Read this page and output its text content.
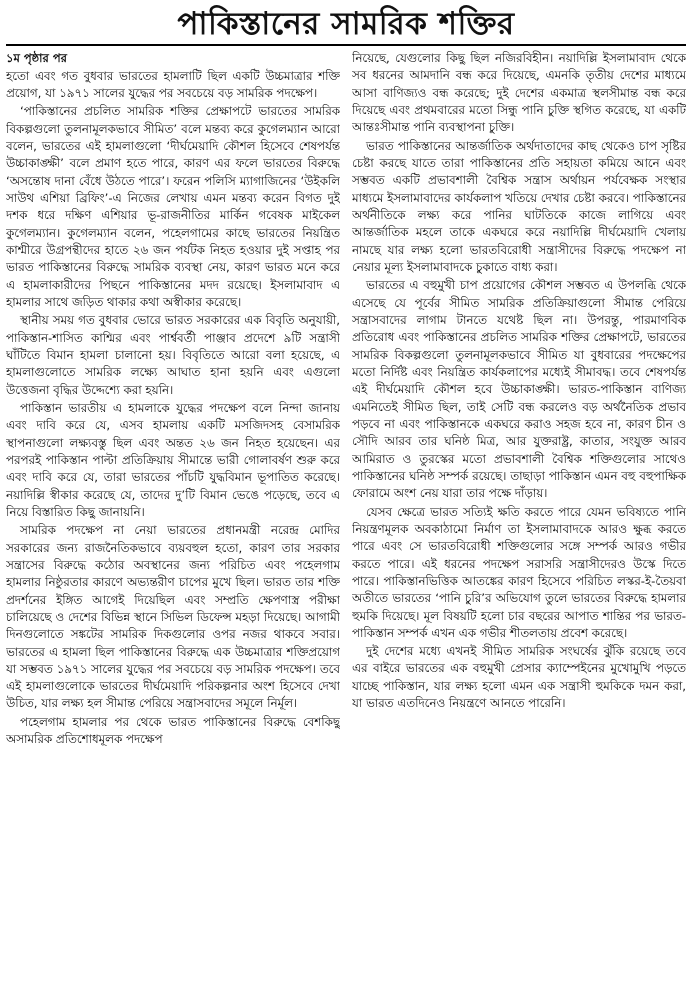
পাকিস্তানের সামরিক শক্তির
১ম পৃষ্ঠার পর

হতো এবং গত বুধবার ভারতের হামলাটি ছিল একটি উচ্চমাত্রার শক্তি প্রয়োগ, যা ১৯৭১ সালের যুদ্ধের পর সবচেয়ে বড় সামরিক পদক্ষেপ।

‘পাকিস্তানের প্রচলিত সামরিক শক্তির প্রেক্ষাপটে ভারতের সামরিক বিকল্পগুলো তুলনামূলকভাবে সীমিত’ বলে মন্তব্য করে কুগেলম্যান আরো বলেন, ভারতের এই হামলাগুলো ‘দীর্ঘমেয়াদি কৌশল হিসেবে শেষপর্যন্ত উচ্চাকাঙ্ক্ষী’ বলে প্রমাণ হতে পারে, কারণ এর ফলে ভারতের বিরুদ্ধে ‘অসন্তোষ দানা বেঁধে উঠতে পারে’। ফরেন পলিসি ম্যাগাজিনের ‘উইকলি সাউথ এশিয়া ব্রিফিং’-এ নিজের লেখায় এমন মন্তব্য করেন বিগত দুই দশক ধরে দক্ষিণ এশিয়ার ভূ-রাজনীতির মার্কিন গবেষক মাইকেল কুগেলম্যান। কুগেলম্যান বলেন, পহেলগামের কাছে ভারতের নিয়ন্ত্রিত কাশ্মীরে উগ্রপন্থীদের হাতে ২৬ জন পর্যটক নিহত হওয়ার দুই সপ্তাহ পর ভারত পাকিস্তানের বিরুদ্ধে সামরিক ব্যবস্থা নেয়, কারণ ভারত মনে করে এ হামলাকারীদের পিছনে পাকিস্তানের মদদ রয়েছে। ইসলামাবাদ এ হামলার সাথে জড়িত থাকার কথা অস্বীকার করেছে।

স্থানীয় সময় গত বুধবার ভোরে ভারত সরকারের এক বিবৃতি অনুযায়ী, পাকিস্তান-শাসিত কাশ্মির এবং পার্শ্ববর্তী পাঞ্জাব প্রদেশে ৯টি সন্ত্রাসী ঘাঁটিতে বিমান হামলা চালানো হয়। বিবৃতিতে আরো বলা হয়েছে, এ হামলাগুলোতে সামরিক লক্ষ্যে আঘাত হানা হয়নি এবং এগুলো উত্তেজনা বৃদ্ধির উদ্দেশ্যে করা হয়নি।

পাকিস্তান ভারতীয় এ হামলাকে যুদ্ধের পদক্ষেপ বলে নিন্দা জানায় এবং দাবি করে যে, এসব হামলায় একটি মসজিদসহ বেসামরিক স্থাপনাগুলো লক্ষ্যবস্তু ছিল এবং অন্তত ২৬ জন নিহত হয়েছেন। এর পরপরই পাকিস্তান পাল্টা প্রতিক্রিয়ায় সীমান্তে ভারী গোলাবর্ষণ শুরু করে এবং দাবি করে যে, তারা ভারতের পাঁচটি যুদ্ধবিমান ভূপাতিত করেছে। নয়াদিল্লি স্বীকার করেছে যে, তাদের দু’টি বিমান ভেঙে পড়েছে, তবে এ নিয়ে বিস্তারিত কিছু জানায়নি।

সামরিক পদক্ষেপ না নেয়া ভারতের প্রধানমন্ত্রী নরেন্দ্র মোদির সরকারের জন্য রাজনৈতিকভাবে ব্যয়বহুল হতো, কারণ তার সরকার সন্ত্রাসের বিরুদ্ধে কঠোর অবস্থানের জন্য পরিচিত এবং পহেলগাম হামলার নিষ্ঠুরতার কারণে অভ্যন্তরীণ চাপের মুখে ছিল। ভারত তার শক্তি প্রদর্শনের ইঙ্গিত আগেই দিয়েছিল এবং সম্প্রতি ক্ষেপণাস্ত্র পরীক্ষা চালিয়েছে ও দেশের বিভিন্ন স্থানে সিভিল ডিফেন্স মহড়া দিয়েছে। আগামী দিনগুলোতে সঙ্কটের সামরিক দিকগুলোর ওপর নজর থাকবে সবার। ভারতের এ হামলা ছিল পাকিস্তানের বিরুদ্ধে এক উচ্চমাত্রার শক্তিপ্রয়োগ যা সম্ভবত ১৯৭১ সালের যুদ্ধের পর সবচেয়ে বড় সামরিক পদক্ষেপ। তবে এই হামলাগুলোকে ভারতের দীর্ঘমেয়াদি পরিকল্পনার অংশ হিসেবে দেখা উচিত, যার লক্ষ্য হল সীমান্ত পেরিয়ে সন্ত্রাসবাদের সমূলে নির্মূল।

পহেলগাম হামলার পর থেকে ভারত পাকিস্তানের বিরুদ্ধে বেশকিছু অসামরিক প্রতিশোধমূলক পদক্ষেপ

নিয়েছে, যেগুলোর কিছু ছিল নজিরবিহীন। নয়াদিল্লি ইসলামাবাদ থেকে সব ধরনের আমদানি বন্ধ করে দিয়েছে, এমনকি তৃতীয় দেশের মাধ্যমে আসা বাণিজ্যও বন্ধ করেছে; দুই দেশের একমাত্র স্থলসীমান্ত বন্ধ করে দিয়েছে এবং প্রথমবারের মতো সিন্ধু পানি চুক্তি স্থগিত করেছে, যা একটি আন্তঃসীমান্ত পানি ব্যবস্থাপনা চুক্তি।

ভারত পাকিস্তানের আন্তর্জাতিক অর্থদাতাদের কাছ থেকেও চাপ সৃষ্টির চেষ্টা করছে যাতে তারা পাকিস্তানের প্রতি সহায়তা কমিয়ে আনে এবং সম্ভবত একটি প্রভাবশালী বৈশ্বিক সন্ত্রাস অর্থায়ন পর্যবেক্ষক সংস্থার মাধ্যমে ইসলামাবাদের কার্যকলাপ খতিয়ে দেখার চেষ্টা করবে। পাকিস্তানের অর্থনীতিকে লক্ষ্য করে পানির ঘাটতিকে কাজে লাগিয়ে এবং আন্তর্জাতিক মহলে তাকে একঘরে করে নয়াদিল্লি দীর্ঘমেয়াদি খেলায় নামছে যার লক্ষ্য হলো ভারতবিরোধী সন্ত্রাসীদের বিরুদ্ধে পদক্ষেপ না নেয়ার মূল্য ইসলামাবাদকে চুকাতে বাধ্য করা।

ভারতের এ বহুমুখী চাপ প্রয়োগের কৌশল সম্ভবত এ উপলব্ধি থেকে এসেছে যে পূর্বের সীমিত সামরিক প্রতিক্রিয়াগুলো সীমান্ত পেরিয়ে সন্ত্রাসবাদের লাগাম টানতে যথেষ্ট ছিল না। উপরন্তু, পারমাণবিক প্রতিরোধ এবং পাকিস্তানের প্রচলিত সামরিক শক্তির প্রেক্ষাপটে, ভারতের সামরিক বিকল্পগুলো তুলনামূলকভাবে সীমিত যা বুধবারের পদক্ষেপের মতো নির্দিষ্ট এবং নিয়ন্ত্রিত কার্যকলাপের মধ্যেই সীমাবদ্ধ। তবে শেষপর্যন্ত এই দীর্ঘমেয়াদি কৌশল হবে উচ্চাকাঙ্ক্ষী। ভারত-পাকিস্তান বাণিজ্য এমনিতেই সীমিত ছিল, তাই সেটি বন্ধ করলেও বড় অর্থনৈতিক প্রভাব পড়বে না এবং পাকিস্তানকে একঘরে করাও সহজ হবে না, কারণ চীন ও সৌদি আরব তার ঘনিষ্ঠ মিত্র, আর যুক্তরাষ্ট্র, কাতার, সংযুক্ত আরব আমিরাত ও তুরস্কের মতো প্রভাবশালী বৈশ্বিক শক্তিগুলোর সাথেও পাকিস্তানের ঘনিষ্ঠ সম্পর্ক রয়েছে। তাছাড়া পাকিস্তান এমন বহু বহুপাক্ষিক ফোরামে অংশ নেয় যারা তার পক্ষে দাঁড়ায়।

যেসব ক্ষেত্রে ভারত সত্যিই ক্ষতি করতে পারে যেমন ভবিষ্যতে পানি নিয়ন্ত্রণমূলক অবকাঠামো নির্মাণ তা ইসলামাবাদকে আরও ক্ষুব্ধ করতে পারে এবং সে ভারতবিরোধী শক্তিগুলোর সঙ্গে সম্পর্ক আরও গভীর করতে পারে। এই ধরনের পদক্ষেপ সরাসরি সন্ত্রাসীদেরও উস্কে দিতে পারে। পাকিস্তানভিত্তিক আতঙ্কের কারণ হিসেবে পরিচিত লস্কর-ই-তৈয়বা অতীতে ভারতের ‘পানি চুরি’র অভিযোগ তুলে ভারতের বিরুদ্ধে হামলার হুমকি দিয়েছে। মূল বিষয়টি হলো চার বছরের আপাত শান্তির পর ভারত-পাকিস্তান সম্পর্ক এখন এক গভীর শীতলতায় প্রবেশ করেছে।

দুই দেশের মধ্যে এখনই সীমিত সামরিক সংঘর্ষের ঝুঁকি রয়েছে তবে এর বাইরে ভারতের এক বহুমুখী প্রেসার ক্যাম্পেইনের মুখোমুখি পড়তে যাচ্ছে পাকিস্তান, যার লক্ষ্য হলো এমন এক সন্ত্রাসী হুমকিকে দমন করা, যা ভারত এতদিনেও নিয়ন্ত্রণে আনতে পারেনি।
